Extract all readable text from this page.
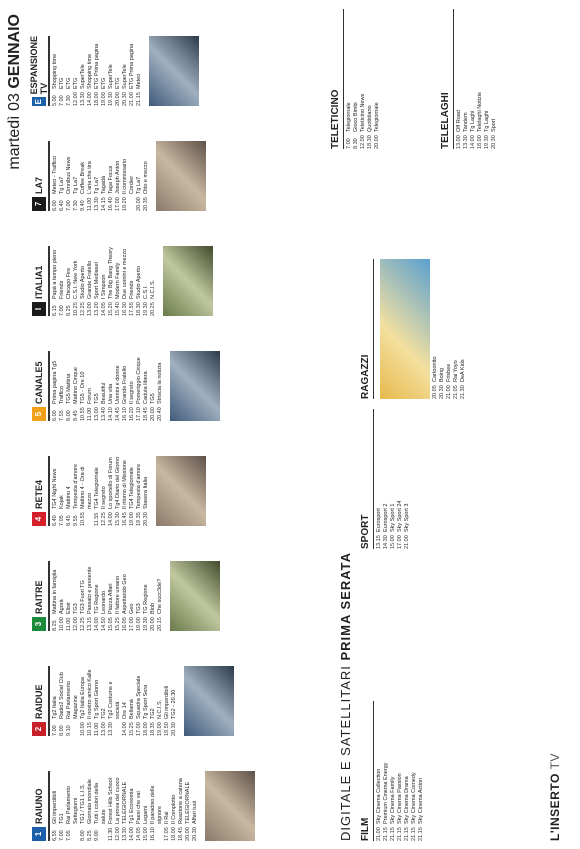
L'INSERTO TV
martedì 03 GENNAIO
1
RAIUNO
6.55
Gli imperdibili
7.00
TG1
7.05
Rai Parlamento Settegiorni
8.00
TG1 / TG1 L.I.S.
8.25
Giornata mondiale
9.00
Tutti i colori della salute
11.30
Forest Hills School
12.00
La prova del cuoco
13.30
TELEGIORNALE
14.00
Tg1 Economia
14.05
Paesi che vai
15.00
Legami
16.10
Il paradiso delle signore
17.05
Il Rai
18.00
Il Complotto
18.45
Reazione a catena
20.00
TELEGIORNALE
20.30
Affari tuoi
2
RAIDUE
7.00
Tg2 Italia
8.00
Radio2 Social Club
9.10
Rai Parlamento Magazine
10.00
Tg2 Italia Europa
10.15
Il nostro amico Kalle
11.00
Tg Sport Giorno
13.00
TG2
13.30
Tg2 Costume e società
14.00
Ore 14
15.25
Bellamà
17.00
Squadra Speciale
18.00
Tg Sport Sera
18.35
TG2
19.00
N.C.I.S.
19.50
Gli imperdibili
20.30
TG2 - 20.30
3
RAITRE
8.25
Mattina in famiglia
10.00
Agorà
11.00
Elisir
12.00
TG3
12.25
TG3 Fuori TG
13.15
Passato e presente
14.00
TG Regione
14.50
Leonardo
15.05
Piazza Affari
15.25
Il fattore umano
16.05
Aspettando Geo
17.00
Geo
19.00
TG3
19.30
TG Regione
20.00
Blob
20.15
Che succ3de?
4
RETE4
6.40
TG4 Night News
7.05
Kojak
8.45
Mattino 4
9.55
Tempesta d'amore
10.55
Mattino 4 - Ora di mezzo
11.55
TG4 Telegiornale
12.25
Il segreto
14.00
Lo sportello di Forum
15.30
Tg4 Diario del Giorno
16.45
Il ritorno di Missione
19.00
TG4 Telegiornale
19.35
Tempesta d'amore
20.30
Stasera Italia
5
CANALE5
6.00
Prima pagina Tg5
7.55
Traffico
8.00
TG5 Mattina
8.45
Mattino Cinque
10.55
TG5 - Ore 10
11.00
Forum
13.00
TG5
13.40
Beautiful
14.10
Una vita
14.45
Uomini e donne
16.10
Grande Fratello
16.20
Il segreto
17.10
Pomeriggio Cinque
18.45
Caduta libera
20.00
TG5
20.40
Striscia la notizia
I
ITALIA1
6.15
Papà a tempo pieno
7.00
Friends
8.25
Chicago Fire
10.25
C.S.I. New York
12.25
Studio Aperto
13.00
Grande Fratello
13.20
Sport Mediaset
14.05
I Simpson
15.20
The Big Bang Theory
15.40
Modern Family
16.30
Due uomini e mezzo
17.55
Friends
18.30
Studio Aperto
19.30
C.S.I.
20.25
N.C.I.S.
7
LA7
6.00
Meteo - Traffico
6.40
Tg La7
7.00
Omnibus News
7.30
Tg La7
9.40
Coffee Break
11.00
L'aria che tira
13.30
Tg La7
14.15
Tagadà
16.40
Taga Focus
17.00
Joseph Anton
18.20
Il commissario Cordier
20.00
Tg La7
20.35
Otto e mezzo
E
ESPANSIONE TV
5.00
Shopping time
7.00
ETG
7.30
ETG
12.00
ETG
13.30
SuperTele
14.00
Shopping time
18.00
ETG Prima pagina
19.00
ETG
19.30
SuperTele
20.00
ETG
20.30
SuperTele
21.00
ETG Prima pagina
21.15
Meteo
DIGITALE E SATELLITARI PRIMA SERATA
FILM 21.00
Sky Cinema Collection
21.15
Premium Cinema Energy
21.15
Sky Cinema Family
21.15
Sky Cinema Passion
21.15
Sky Cinema Drama
21.15
Sky Cinema Comedy
21.15
Sky Cinema Action
SPORT 13.15
Eurosport
14.30
Eurosport 2
15.00
Sky Sport 1
17.00
Sky Sport 24
21.00
Sky Sport 3
RAGAZZI	20.05
Cartoonito
20.30
Boing
21.00
Frisbee
21.05
Rai Yoyo
21.30
DeA Kids
TELETICINO 7.00
Telegiornale
8.30
Gioco Bimbi
12.00
Teleticino News
18.30
Quotidiano
20.00
Telegiornale	TELELAGHI 13.00
Off Road
13.30
Tandem
14.00
Tg Laghi
18.00
Telelaghi Notizie
19.30
Tg Laghi
20.30
Sport
